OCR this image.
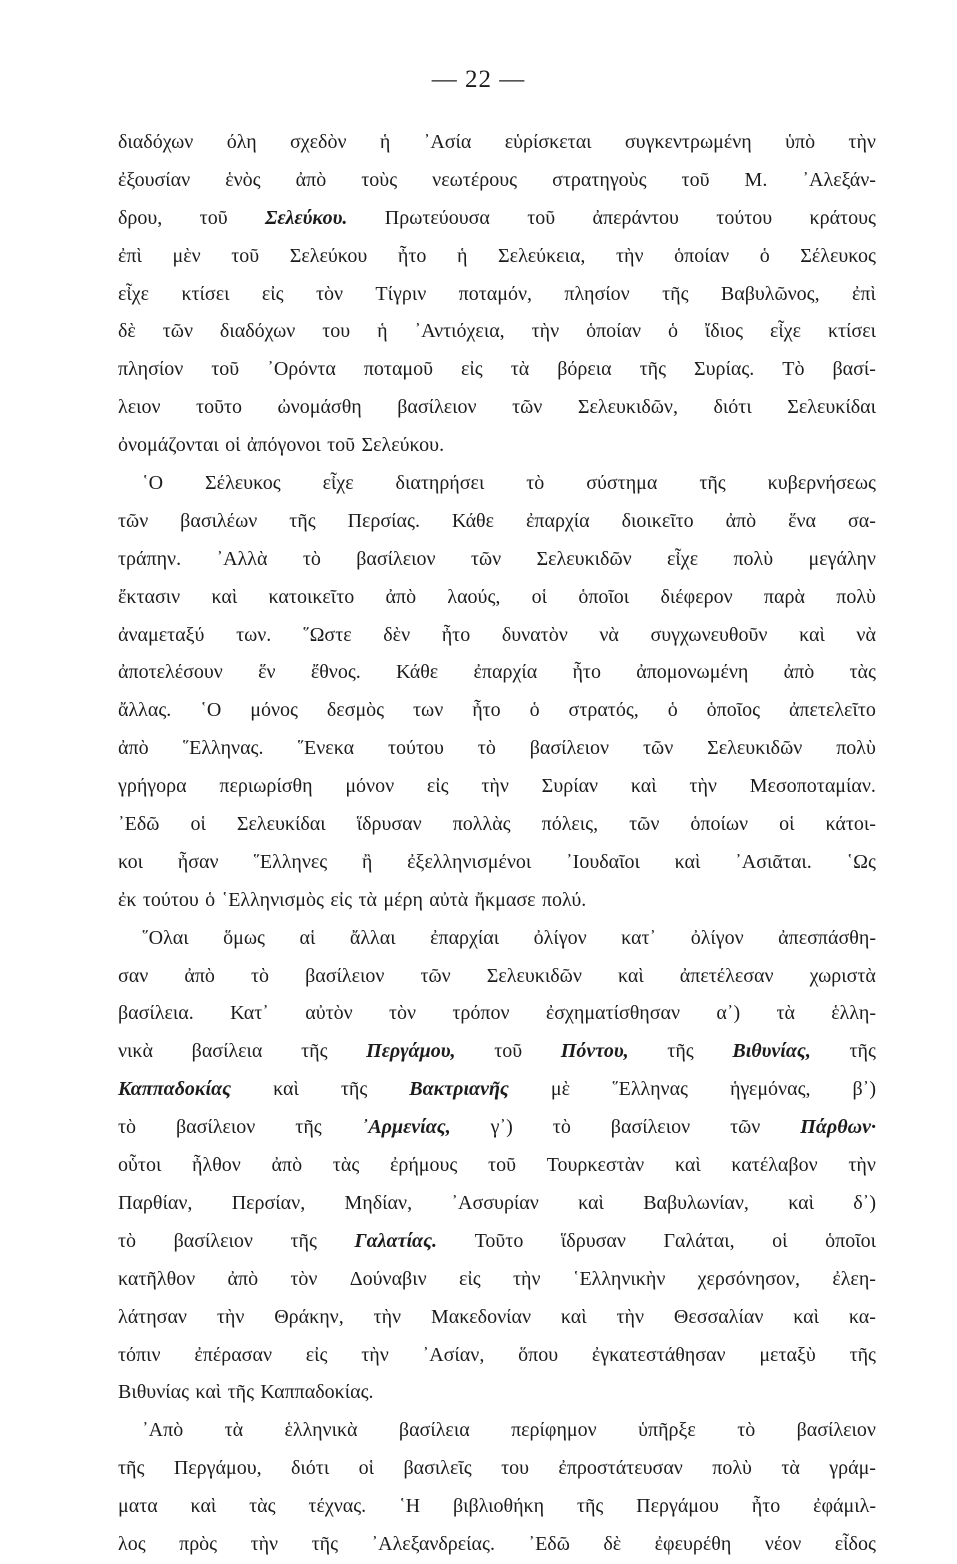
— 22 —
διαδόχων όλη σχεδὸν ἡ ᾿Ασία εὑρίσκεται συγκεντρωμένη ὑπὸ τὴν
ἐξουσίαν ἑνὸς ἀπὸ τοὺς νεωτέρους στρατηγοὺς τοῦ Μ. ᾿Αλεξάν-
δρου, τοῦ Σελεύκου. Πρωτεύουσα τοῦ ἀπεράντου τούτου κράτους
ἐπὶ μὲν τοῦ Σελεύκου ἦτο ἡ Σελεύκεια, τὴν ὁποίαν ὁ Σέλευκος
εἶχε κτίσει εἰς τὸν Τίγριν ποταμόν, πλησίον τῆς Βαβυλῶνος, ἐπὶ
δὲ τῶν διαδόχων του ἡ ᾿Αντιόχεια, τὴν ὁποίαν ὁ ἴδιος εἶχε κτίσει
πλησίον τοῦ ᾿Ορόντα ποταμοῦ εἰς τὰ βόρεια τῆς Συρίας. Τὸ βασί-
λειον τοῦτο ὠνομάσθη βασίλειον τῶν Σελευκιδῶν, διότι Σελευκίδαι
ὀνομάζονται οἱ ἀπόγονοι τοῦ Σελεύκου.
῾Ο Σέλευκος εἶχε διατηρήσει τὸ σύστημα τῆς κυβερνήσεως
τῶν βασιλέων τῆς Περσίας. Κάθε ἐπαρχία διοικεῖτο ἀπὸ ἕνα σα-
τράπην. ᾿Αλλὰ τὸ βασίλειον τῶν Σελευκιδῶν εἶχε πολὺ μεγάλην
ἔκτασιν καὶ κατοικεῖτο ἀπὸ λαούς, οἱ ὁποῖοι διέφερον παρὰ πολὺ
ἀναμεταξύ των. ῞Ωστε δὲν ἦτο δυνατὸν νὰ συγχωνευθοῦν καὶ νὰ
ἀποτελέσουν ἕν ἔθνος. Κάθε ἐπαρχία ἦτο ἀπομονωμένη ἀπὸ τὰς
ἄλλας. ῾Ο μόνος δεσμὸς των ἦτο ὁ στρατός, ὁ ὁποῖος ἀπετελεῖτο
ἀπὸ ῞Ελληνας. ῞Ενεκα τούτου τὸ βασίλειον τῶν Σελευκιδῶν πολὺ
γρήγορα περιωρίσθη μόνον εἰς τὴν Συρίαν καὶ τὴν Μεσοποταμίαν.
᾿Εδῶ οἱ Σελευκίδαι ἵδρυσαν πολλὰς πόλεις, τῶν ὁποίων οἱ κάτοι-
κοι ἦσαν ῞Ελληνες ἢ ἐξελληνισμένοι ᾿Ιουδαῖοι καὶ ᾿Ασιᾶται. ῾Ως
ἐκ τούτου ὁ ῾Ελληνισμὸς εἰς τὰ μέρη αὐτὰ ἤκμασε πολύ.
῞Ολαι ὅμως αἱ ἄλλαι ἐπαρχίαι ὀλίγον κατ᾿ ὀλίγον ἀπεσπάσθη-
σαν ἀπὸ τὸ βασίλειον τῶν Σελευκιδῶν καὶ ἀπετέλεσαν χωριστὰ
βασίλεια. Κατ᾿ αὐτὸν τὸν τρόπον ἐσχηματίσθησαν α᾿) τὰ ἑλλη-
νικὰ βασίλεια τῆς Περγάμου, τοῦ Πόντου, τῆς Βιθυνίας, τῆς
Καππαδοκίας καὶ τῆς Βακτριανῆς μὲ ῞Ελληνας ἡγεμόνας, β᾿)
τὸ βασίλειον τῆς ᾿Αρμενίας, γ᾿) τὸ βασίλειον τῶν Πάρθων·
οὗτοι ἦλθον ἀπὸ τὰς ἐρήμους τοῦ Τουρκεστὰν καὶ κατέλαβον τὴν
Παρθίαν, Περσίαν, Μηδίαν, ᾿Ασσυρίαν καὶ Βαβυλωνίαν, καὶ δ᾿)
τὸ βασίλειον τῆς Γαλατίας. Τοῦτο ἵδρυσαν Γαλάται, οἱ ὁποῖοι
κατῆλθον ἀπὸ τὸν Δούναβιν εἰς τὴν ῾Ελληνικὴν χερσόνησον, ἐλεη-
λάτησαν τὴν Θράκην, τὴν Μακεδονίαν καὶ τὴν Θεσσαλίαν καὶ κα-
τόπιν ἐπέρασαν εἰς τὴν ᾿Ασίαν, ὅπου ἐγκατεστάθησαν μεταξὺ τῆς
Βιθυνίας καὶ τῆς Καππαδοκίας.
᾿Απὸ τὰ ἑλληνικὰ βασίλεια περίφημον ὑπῆρξε τὸ βασίλειον
τῆς Περγάμου, διότι οἱ βασιλεῖς του ἐπροστάτευσαν πολὺ τὰ γράμ-
ματα καὶ τὰς τέχνας. ῾Η βιβλιοθήκη τῆς Περγάμου ἦτο ἐφάμιλ-
λος πρὸς τὴν τῆς ᾿Αλεξανδρείας. ᾿Εδῶ δὲ ἐφευρέθη νέον εἶδος
